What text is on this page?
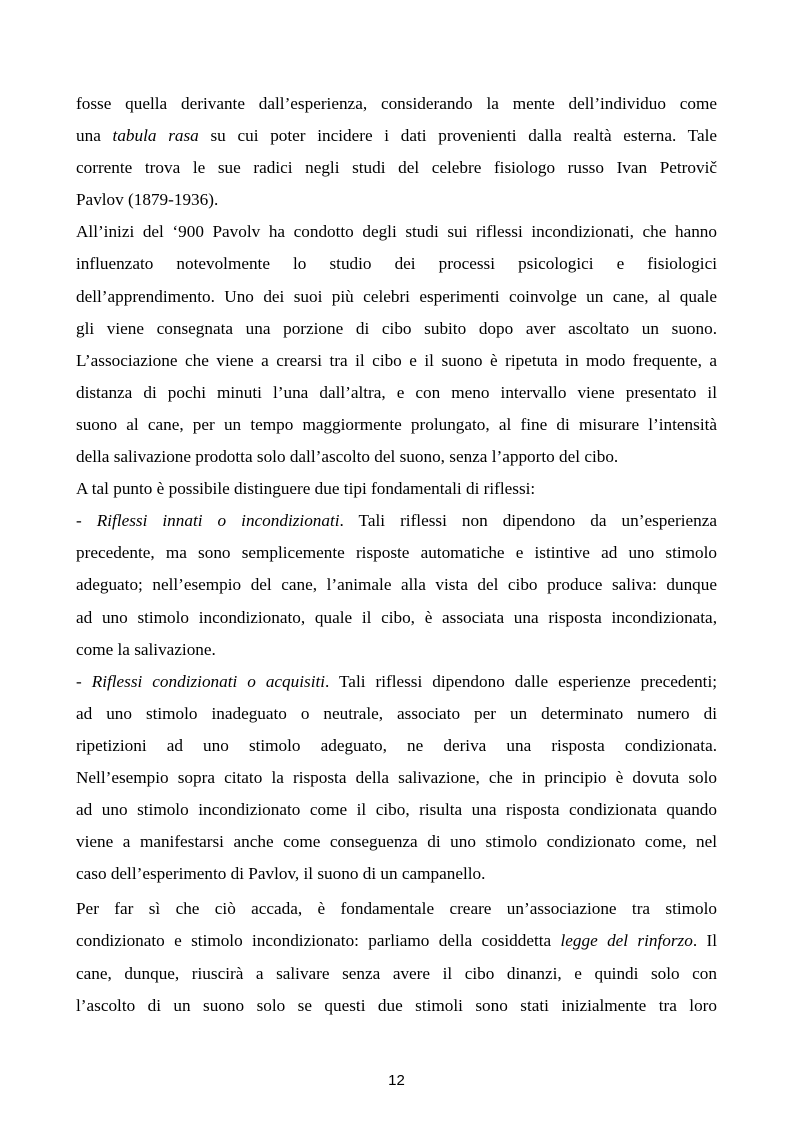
fosse quella derivante dall’esperienza, considerando la mente dell’individuo come
una tabula rasa su cui poter incidere i dati provenienti dalla realtà esterna. Tale
corrente trova le sue radici negli studi del celebre fisiologo russo Ivan Petrovič
Pavlov (1879-1936).
All’inizi del ‘900 Pavolv ha condotto degli studi sui riflessi incondizionati, che hanno
influenzato notevolmente lo studio dei processi psicologici e fisiologici
dell’apprendimento. Uno dei suoi più celebri esperimenti coinvolge un cane, al quale
gli viene consegnata una porzione di cibo subito dopo aver ascoltato un suono.
L’associazione che viene a crearsi tra il cibo e il suono è ripetuta in modo frequente, a
distanza di pochi minuti l’una dall’altra, e con meno intervallo viene presentato il
suono al cane, per un tempo maggiormente prolungato, al fine di misurare l’intensità
della salivazione prodotta solo dall’ascolto del suono, senza l’apporto del cibo.
A tal punto è possibile distinguere due tipi fondamentali di riflessi:
- Riflessi innati o incondizionati. Tali riflessi non dipendono da un’esperienza
precedente, ma sono semplicemente risposte automatiche e istintive ad uno stimolo
adeguato; nell’esempio del cane, l’animale alla vista del cibo produce saliva: dunque
ad uno stimolo incondizionato, quale il cibo, è associata una risposta incondizionata,
come la salivazione.
- Riflessi condizionati o acquisiti. Tali riflessi dipendono dalle esperienze precedenti;
ad uno stimolo inadeguato o neutrale, associato per un determinato numero di
ripetizioni ad uno stimolo adeguato, ne deriva una risposta condizionata.
Nell’esempio sopra citato la risposta della salivazione, che in principio è dovuta solo
ad uno stimolo incondizionato come il cibo, risulta una risposta condizionata quando
viene a manifestarsi anche come conseguenza di uno stimolo condizionato come, nel
caso dell’esperimento di Pavlov, il suono di un campanello.
Per far sì che ciò accada, è fondamentale creare un’associazione tra stimolo
condizionato e stimolo incondizionato: parliamo della cosiddetta legge del rinforzo. Il
cane, dunque, riuscirà a salivare senza avere il cibo dinanzi, e quindi solo con
l’ascolto di un suono solo se questi due stimoli sono stati inizialmente tra loro
12
